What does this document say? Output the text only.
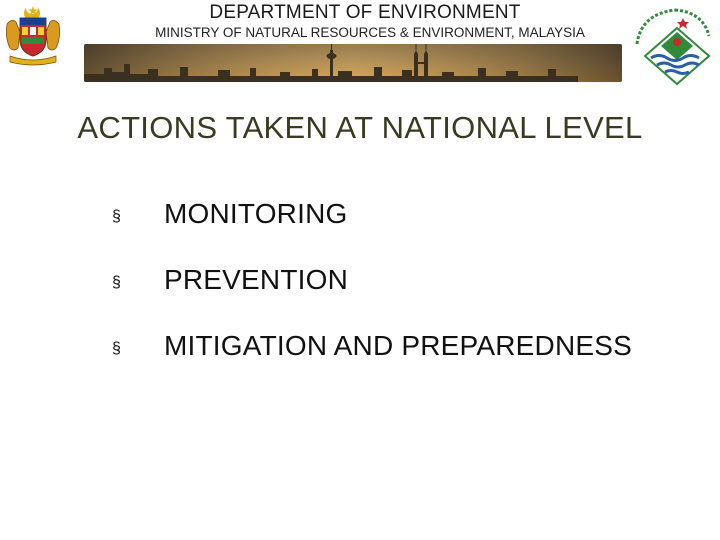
DEPARTMENT OF ENVIRONMENT
MINISTRY OF NATURAL RESOURCES & ENVIRONMENT, MALAYSIA
ACTIONS TAKEN AT NATIONAL LEVEL
§	MONITORING
§	PREVENTION
§	MITIGATION AND PREPAREDNESS
